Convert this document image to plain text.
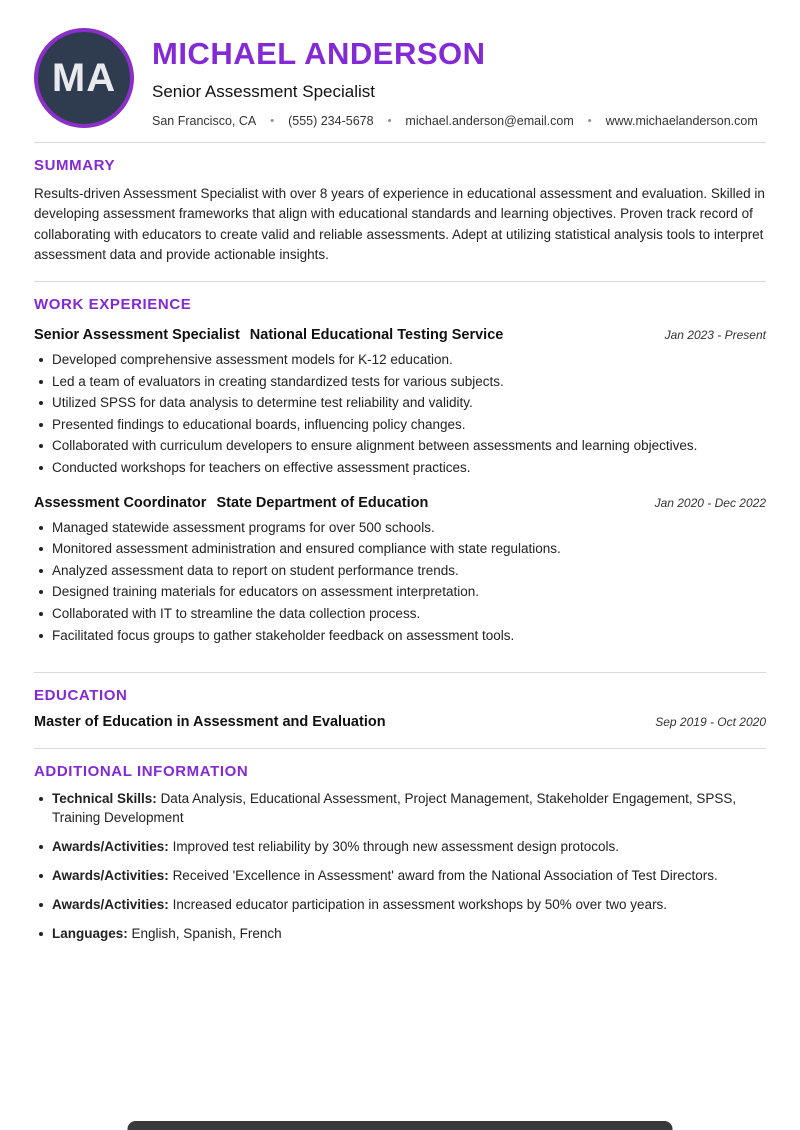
MA
MICHAEL ANDERSON
Senior Assessment Specialist
San Francisco, CA • (555) 234-5678 • michael.anderson@email.com • www.michaelanderson.com
SUMMARY

Results-driven Assessment Specialist with over 8 years of experience in educational assessment and evaluation. Skilled in developing assessment frameworks that align with educational standards and learning objectives. Proven track record of collaborating with educators to create valid and reliable assessments. Adept at utilizing statistical analysis tools to interpret assessment data and provide actionable insights.

WORK EXPERIENCE
Senior Assessment Specialist National Educational Testing Service	Jan 2023 - Present
Developed comprehensive assessment models for K-12 education.
Led a team of evaluators in creating standardized tests for various subjects.
Utilized SPSS for data analysis to determine test reliability and validity.
Presented findings to educational boards, influencing policy changes.
Collaborated with curriculum developers to ensure alignment between assessments and learning objectives.
Conducted workshops for teachers on effective assessment practices.
Assessment Coordinator State Department of Education	Jan 2020 - Dec 2022
Managed statewide assessment programs for over 500 schools.
Monitored assessment administration and ensured compliance with state regulations.
Analyzed assessment data to report on student performance trends.
Designed training materials for educators on assessment interpretation.
Collaborated with IT to streamline the data collection process.
Facilitated focus groups to gather stakeholder feedback on assessment tools.
EDUCATION
Master of Education in Assessment and Evaluation	Sep 2019 - Oct 2020
ADDITIONAL INFORMATION
Technical Skills: Data Analysis, Educational Assessment, Project Management, Stakeholder Engagement, SPSS, Training Development
Awards/Activities: Improved test reliability by 30% through new assessment design protocols.
Awards/Activities: Received 'Excellence in Assessment' award from the National Association of Test Directors.
Awards/Activities: Increased educator participation in assessment workshops by 50% over two years.
Languages: English, Spanish, French
